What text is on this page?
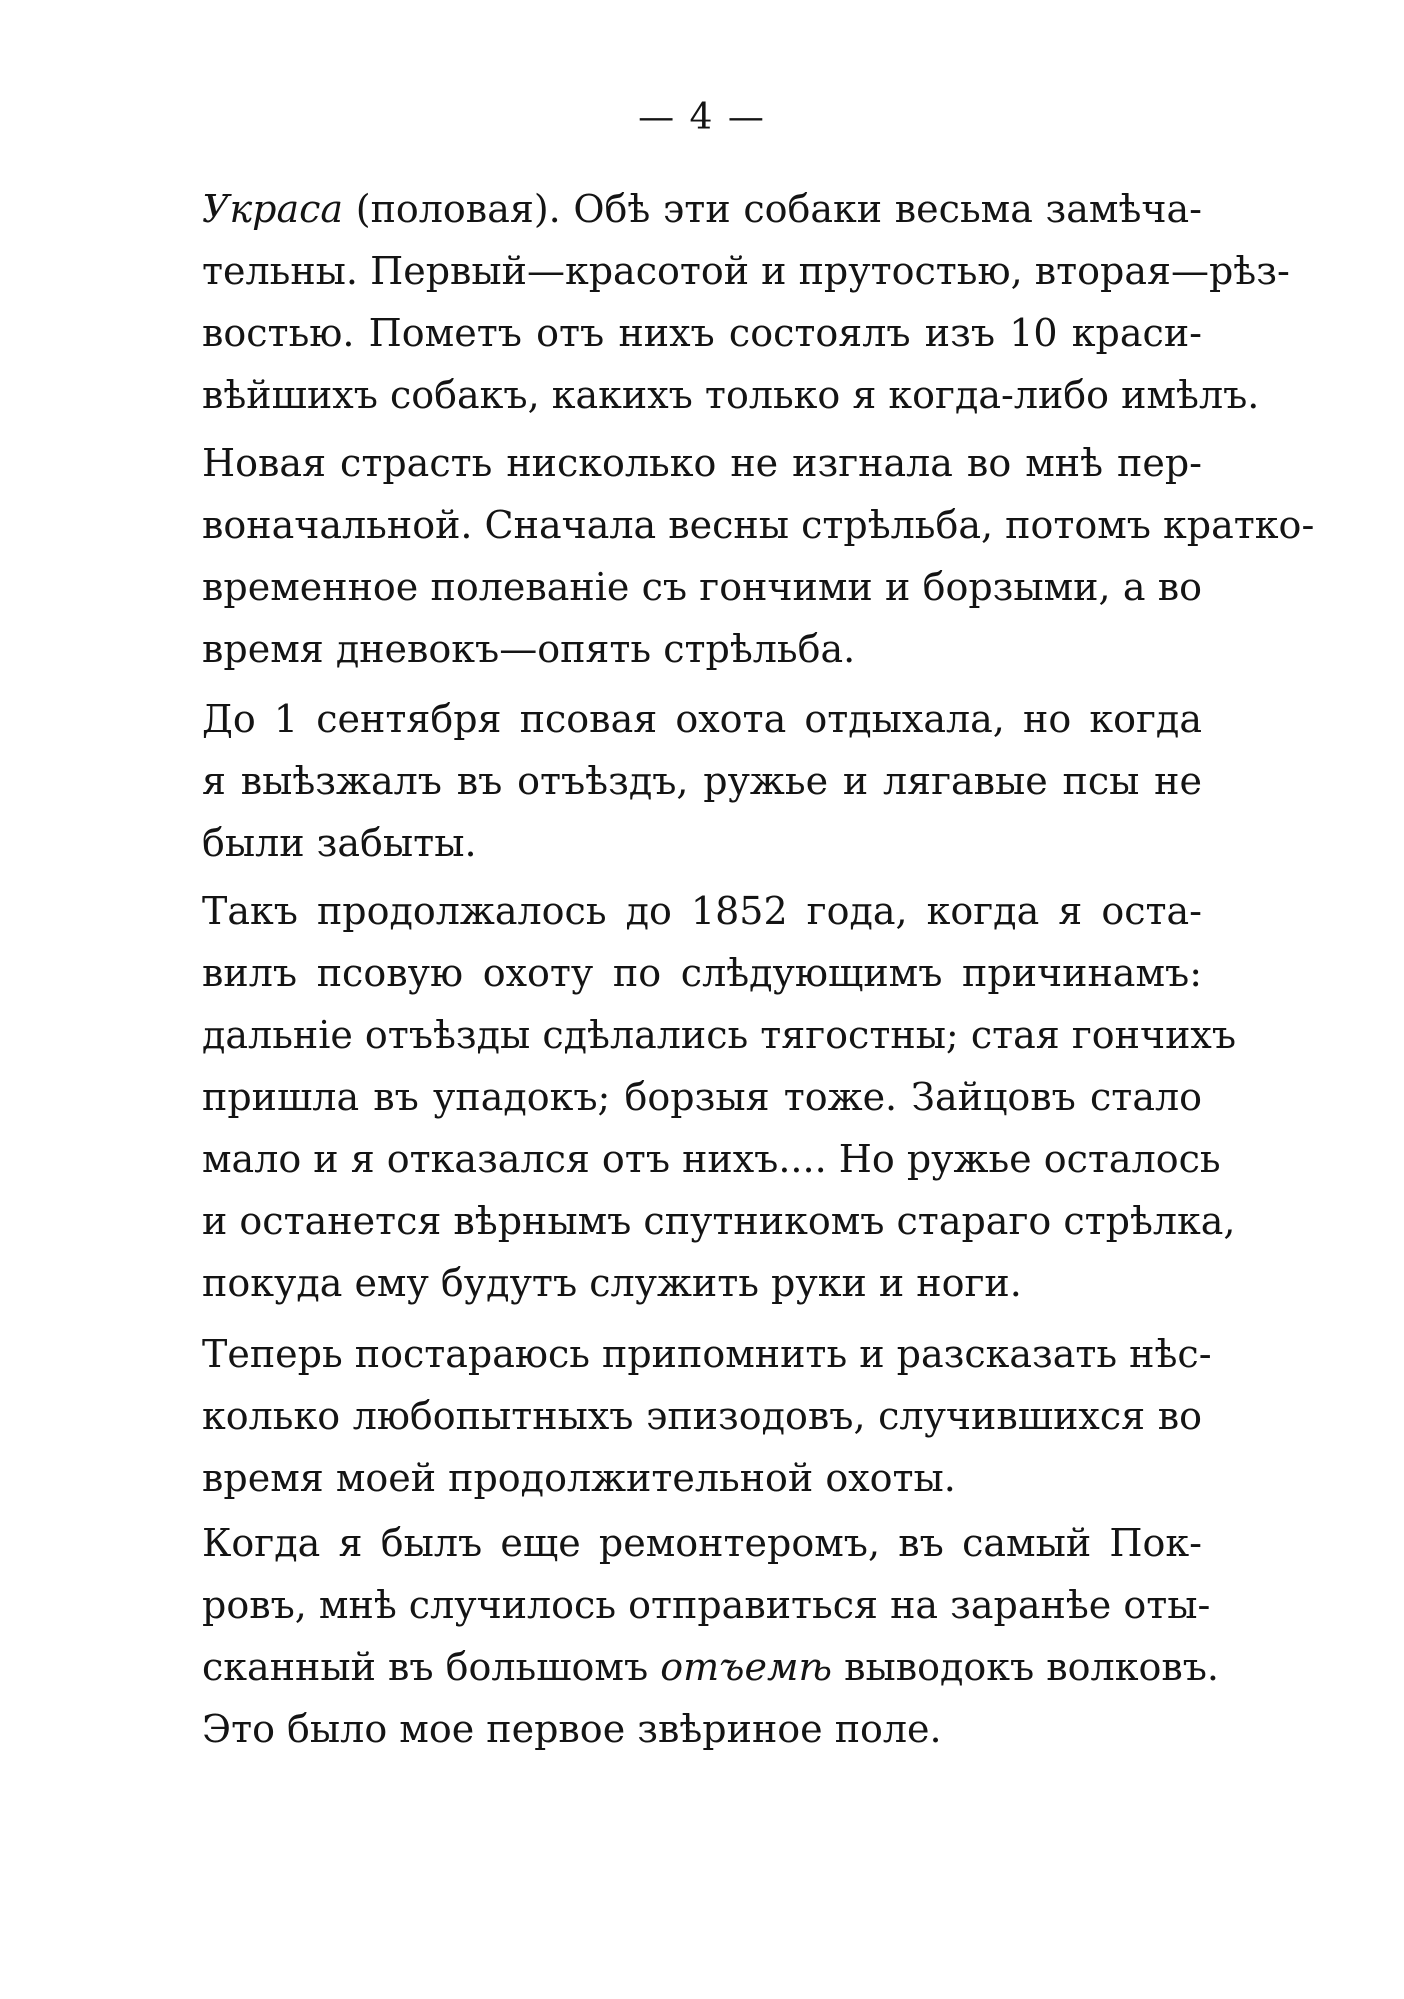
— 4 —
Украса (половая). Обѣ эти собаки весьма замѣча-
тельны. Первый—красотой и прутостью, вторая—рѣз-
востью. Пометъ отъ нихъ состоялъ изъ 10 краси-
вѣйшихъ собакъ, какихъ только я когда-либо имѣлъ.
Новая страсть нисколько не изгнала во мнѣ пер-
воначальной. Сначала весны стрѣльба, потомъ кратко-
временное полеваніе съ гончими и борзыми, а во
время дневокъ—опять стрѣльба.
До 1 сентября псовая охота отдыхала, но когда
я выѣзжалъ въ отъѣздъ, ружье и лягавые псы не
были забыты.
Такъ продолжалось до 1852 года, когда я оста-
вилъ псовую охоту по слѣдующимъ причинамъ:
дальніе отъѣзды сдѣлались тягостны; стая гончихъ
пришла въ упадокъ; борзыя тоже. Зайцовъ стало
мало и я отказался отъ нихъ.... Но ружье осталось
и останется вѣрнымъ спутникомъ стараго стрѣлка,
покуда ему будутъ служить руки и ноги.
Теперь постараюсь припомнить и разсказать нѣс-
колько любопытныхъ эпизодовъ, случившихся во
время моей продолжительной охоты.
Когда я былъ еще ремонтеромъ, въ самый Пок-
ровъ, мнѣ случилось отправиться на заранѣе оты-
сканный въ большомъ отъемѣ выводокъ волковъ.
Это было мое первое звѣриное поле.
